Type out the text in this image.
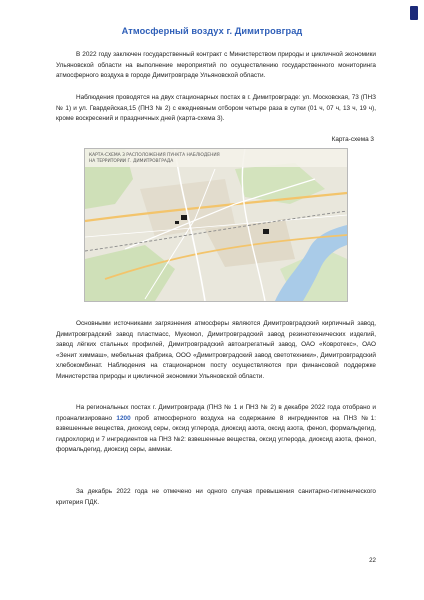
Атмосферный воздух г. Димитровград

В 2022 году заключен государственный контракт с Министерством природы и цикличной экономики Ульяновской области на выполнение мероприятий по осуществлению государственного мониторинга атмосферного воздуха в городе Димитровграде Ульяновской области.

Наблюдения проводятся на двух стационарных постах в г. Димитровграде: ул. Московская, 73 (ПНЗ № 1) и ул. Гвардейская,15 (ПНЗ № 2) с ежедневным отбором четыре раза в сутки (01 ч, 07 ч, 13 ч, 19 ч), кроме воскресений и праздничных дней (карта-схема 3).

Карта-схема 3

КАРТА-СХЕМА 3 РАСПОЛОЖЕНИЯ ПУНКТА НАБЛЮДЕНИЯ
НА ТЕРРИТОРИИ Г. ДИМИТРОВГРАДА

Основными источниками загрязнения атмосферы являются Димитровградский кирпичный завод, Димитровградский завод пластмасс, Мукомол, Димитровградский завод резинотехнических изделий, завод лёгких стальных профилей, Димитровградский автоагрегатный завод, ОАО «Ковротекс», ОАО «Зенит химмаш», мебельная фабрика, ООО «Димитровградский завод светотехники», Димитровградский хлебокомбинат. Наблюдения на стационарном посту осуществляются при финансовой поддержке Министерства природы и цикличной экономики Ульяновской области.

На региональных постах г. Димитровграда (ПНЗ № 1 и ПНЗ № 2) в декабре 2022 года отобрано и проанализировано 1200 проб атмосферного воздуха на содержание 8 ингредиентов на ПНЗ №1: взвешенные вещества, диоксид серы, оксид углерода, диоксид азота, оксид азота, фенол, формальдегид, гидрохлорид и 7 ингредиентов на ПНЗ №2: взвешенные вещества, оксид углерода, диоксид азота, фенол, формальдегид, диоксид серы, аммиак.

За декабрь 2022 года не отмечено ни одного случая превышения санитарно-гигиенического критерия ПДК.

22
